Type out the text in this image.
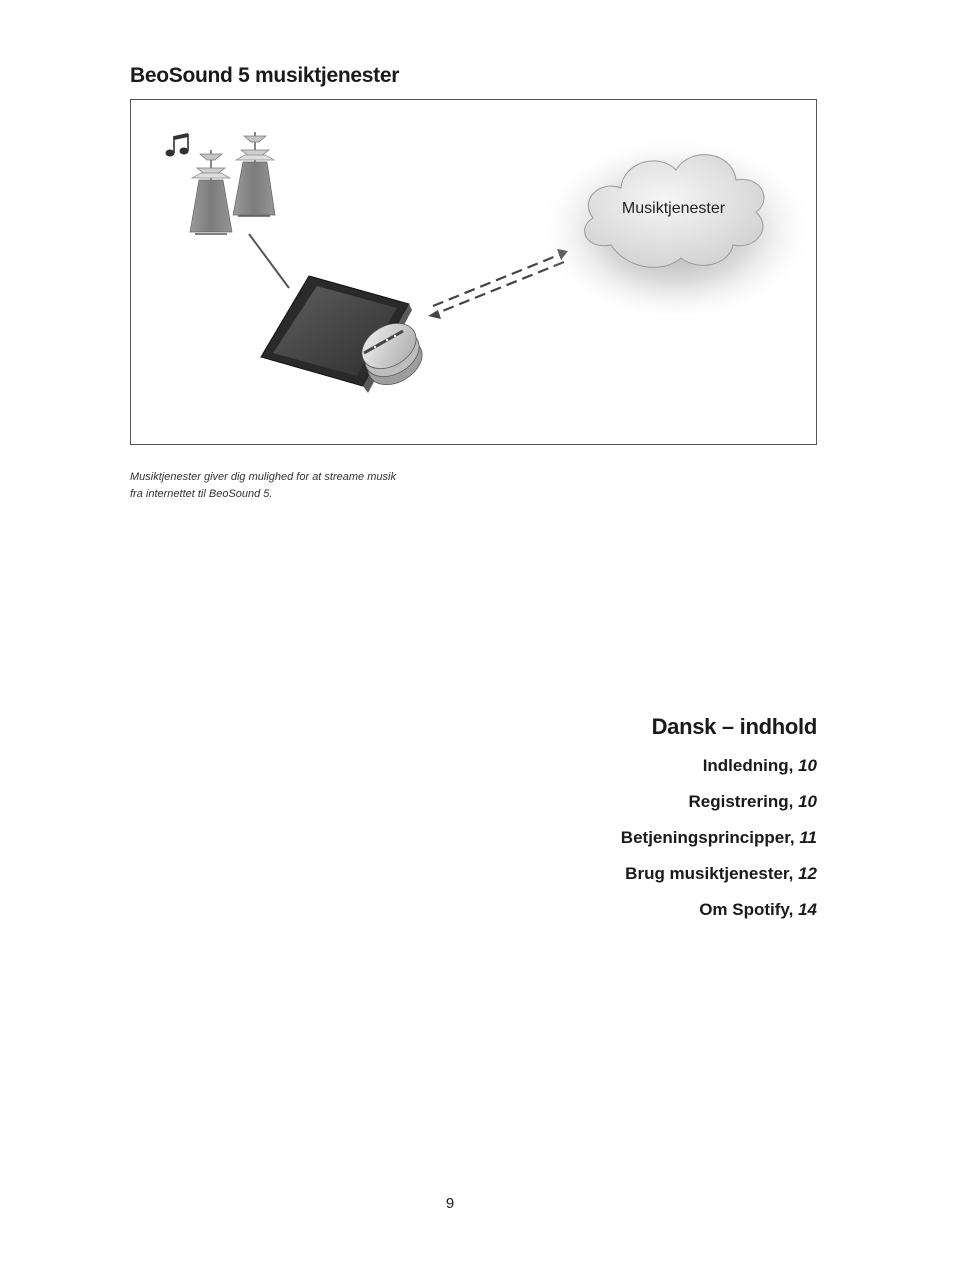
BeoSound 5 musiktjenester
Musiktjenester

Musiktjenester giver dig mulighed for at streame musik
fra internettet til BeoSound 5.

Dansk – indhold
Indledning, 10
Registrering, 10
Betjeningsprincipper, 11
Brug musiktjenester, 12
Om Spotify, 14
9
